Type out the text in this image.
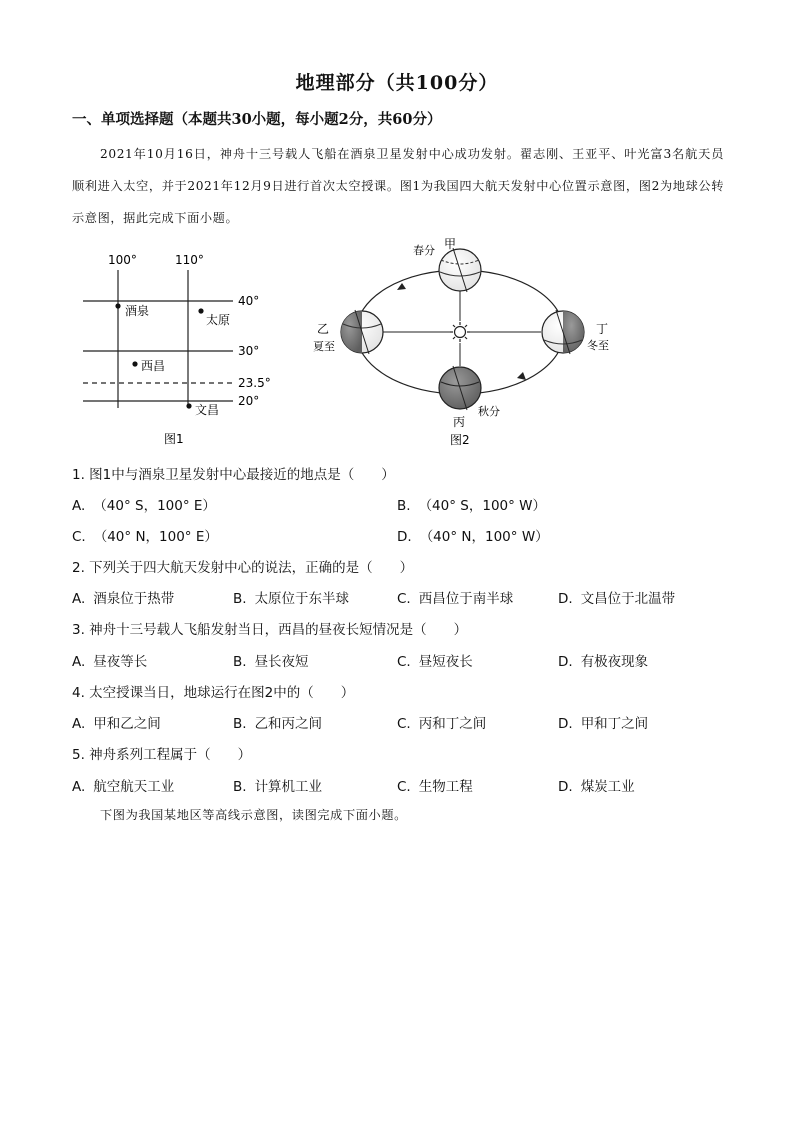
地理部分（共100分）
一、单项选择题（本题共30小题，每小题2分，共60分）
2021年10月16日，神舟十三号载人飞船在酒泉卫星发射中心成功发射。翟志刚、王亚平、叶光富3名航天员顺利进入太空，并于2021年12月9日进行首次太空授课。图1为我国四大航天发射中心位置示意图，图2为地球公转示意图，据此完成下面小题。
100°	110°
40°
30°
23.5°
20°
酒泉
太原
西昌
文昌
图1
春分 甲
乙
夏至
丁
冬至
秋分
丙
图2
1. 图1中与酒泉卫星发射中心最接近的地点是（　　）
A. （40° S，100° E）	B. （40° S，100° W）
C. （40° N，100° E）	D. （40° N，100° W）
2. 下列关于四大航天发射中心的说法，正确的是（　　）
A. 酒泉位于热带	B. 太原位于东半球	C. 西昌位于南半球	D. 文昌位于北温带
3. 神舟十三号载人飞船发射当日，西昌的昼夜长短情况是（　　）
A. 昼夜等长	B. 昼长夜短	C. 昼短夜长	D. 有极夜现象
4. 太空授课当日，地球运行在图2中的（　　）
A. 甲和乙之间	B. 乙和丙之间	C. 丙和丁之间	D. 甲和丁之间
5. 神舟系列工程属于（　　）
A. 航空航天工业	B. 计算机工业	C. 生物工程	D. 煤炭工业
下图为我国某地区等高线示意图，读图完成下面小题。
